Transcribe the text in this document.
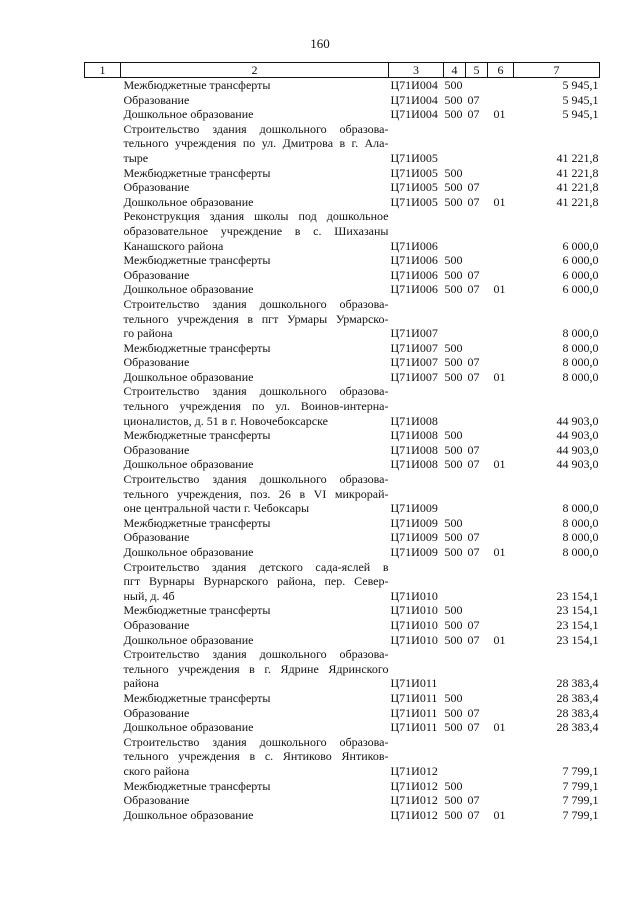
160
1	2	3	4	5	6	7
	Межбюджетные трансферты	Ц71И004	500			5 945,1
	Образование	Ц71И004	500	07		5 945,1
	Дошкольное образование	Ц71И004	500	07	01	5 945,1
	Строительство здания дошкольного образова-					
	тельного учреждения по ул. Дмитрова в г. Ала-					
	тыре	Ц71И005				41 221,8
	Межбюджетные трансферты	Ц71И005	500			41 221,8
	Образование	Ц71И005	500	07		41 221,8
	Дошкольное образование	Ц71И005	500	07	01	41 221,8
	Реконструкция здания школы под дошкольное					
	образовательное учреждение в с. Шихазаны					
	Канашского района	Ц71И006				6 000,0
	Межбюджетные трансферты	Ц71И006	500			6 000,0
	Образование	Ц71И006	500	07		6 000,0
	Дошкольное образование	Ц71И006	500	07	01	6 000,0
	Строительство здания дошкольного образова-					
	тельного учреждения в пгт Урмары Урмарско-					
	го района	Ц71И007				8 000,0
	Межбюджетные трансферты	Ц71И007	500			8 000,0
	Образование	Ц71И007	500	07		8 000,0
	Дошкольное образование	Ц71И007	500	07	01	8 000,0
	Строительство здания дошкольного образова-					
	тельного учреждения по ул. Воинов-интерна-					
	ционалистов, д. 51 в г. Новочебоксарске	Ц71И008				44 903,0
	Межбюджетные трансферты	Ц71И008	500			44 903,0
	Образование	Ц71И008	500	07		44 903,0
	Дошкольное образование	Ц71И008	500	07	01	44 903,0
	Строительство здания дошкольного образова-					
	тельного учреждения, поз. 26 в VI микрорай-					
	оне центральной части г. Чебоксары	Ц71И009				8 000,0
	Межбюджетные трансферты	Ц71И009	500			8 000,0
	Образование	Ц71И009	500	07		8 000,0
	Дошкольное образование	Ц71И009	500	07	01	8 000,0
	Строительство здания детского сада-яслей в					
	пгт Вурнары Вурнарского района, пер. Север-					
	ный, д. 4б	Ц71И010				23 154,1
	Межбюджетные трансферты	Ц71И010	500			23 154,1
	Образование	Ц71И010	500	07		23 154,1
	Дошкольное образование	Ц71И010	500	07	01	23 154,1
	Строительство здания дошкольного образова-					
	тельного учреждения в г. Ядрине Ядринского					
	района	Ц71И011				28 383,4
	Межбюджетные трансферты	Ц71И011	500			28 383,4
	Образование	Ц71И011	500	07		28 383,4
	Дошкольное образование	Ц71И011	500	07	01	28 383,4
	Строительство здания дошкольного образова-					
	тельного учреждения в с. Янтиково Янтиков-					
	ского района	Ц71И012				7 799,1
	Межбюджетные трансферты	Ц71И012	500			7 799,1
	Образование	Ц71И012	500	07		7 799,1
	Дошкольное образование	Ц71И012	500	07	01	7 799,1
